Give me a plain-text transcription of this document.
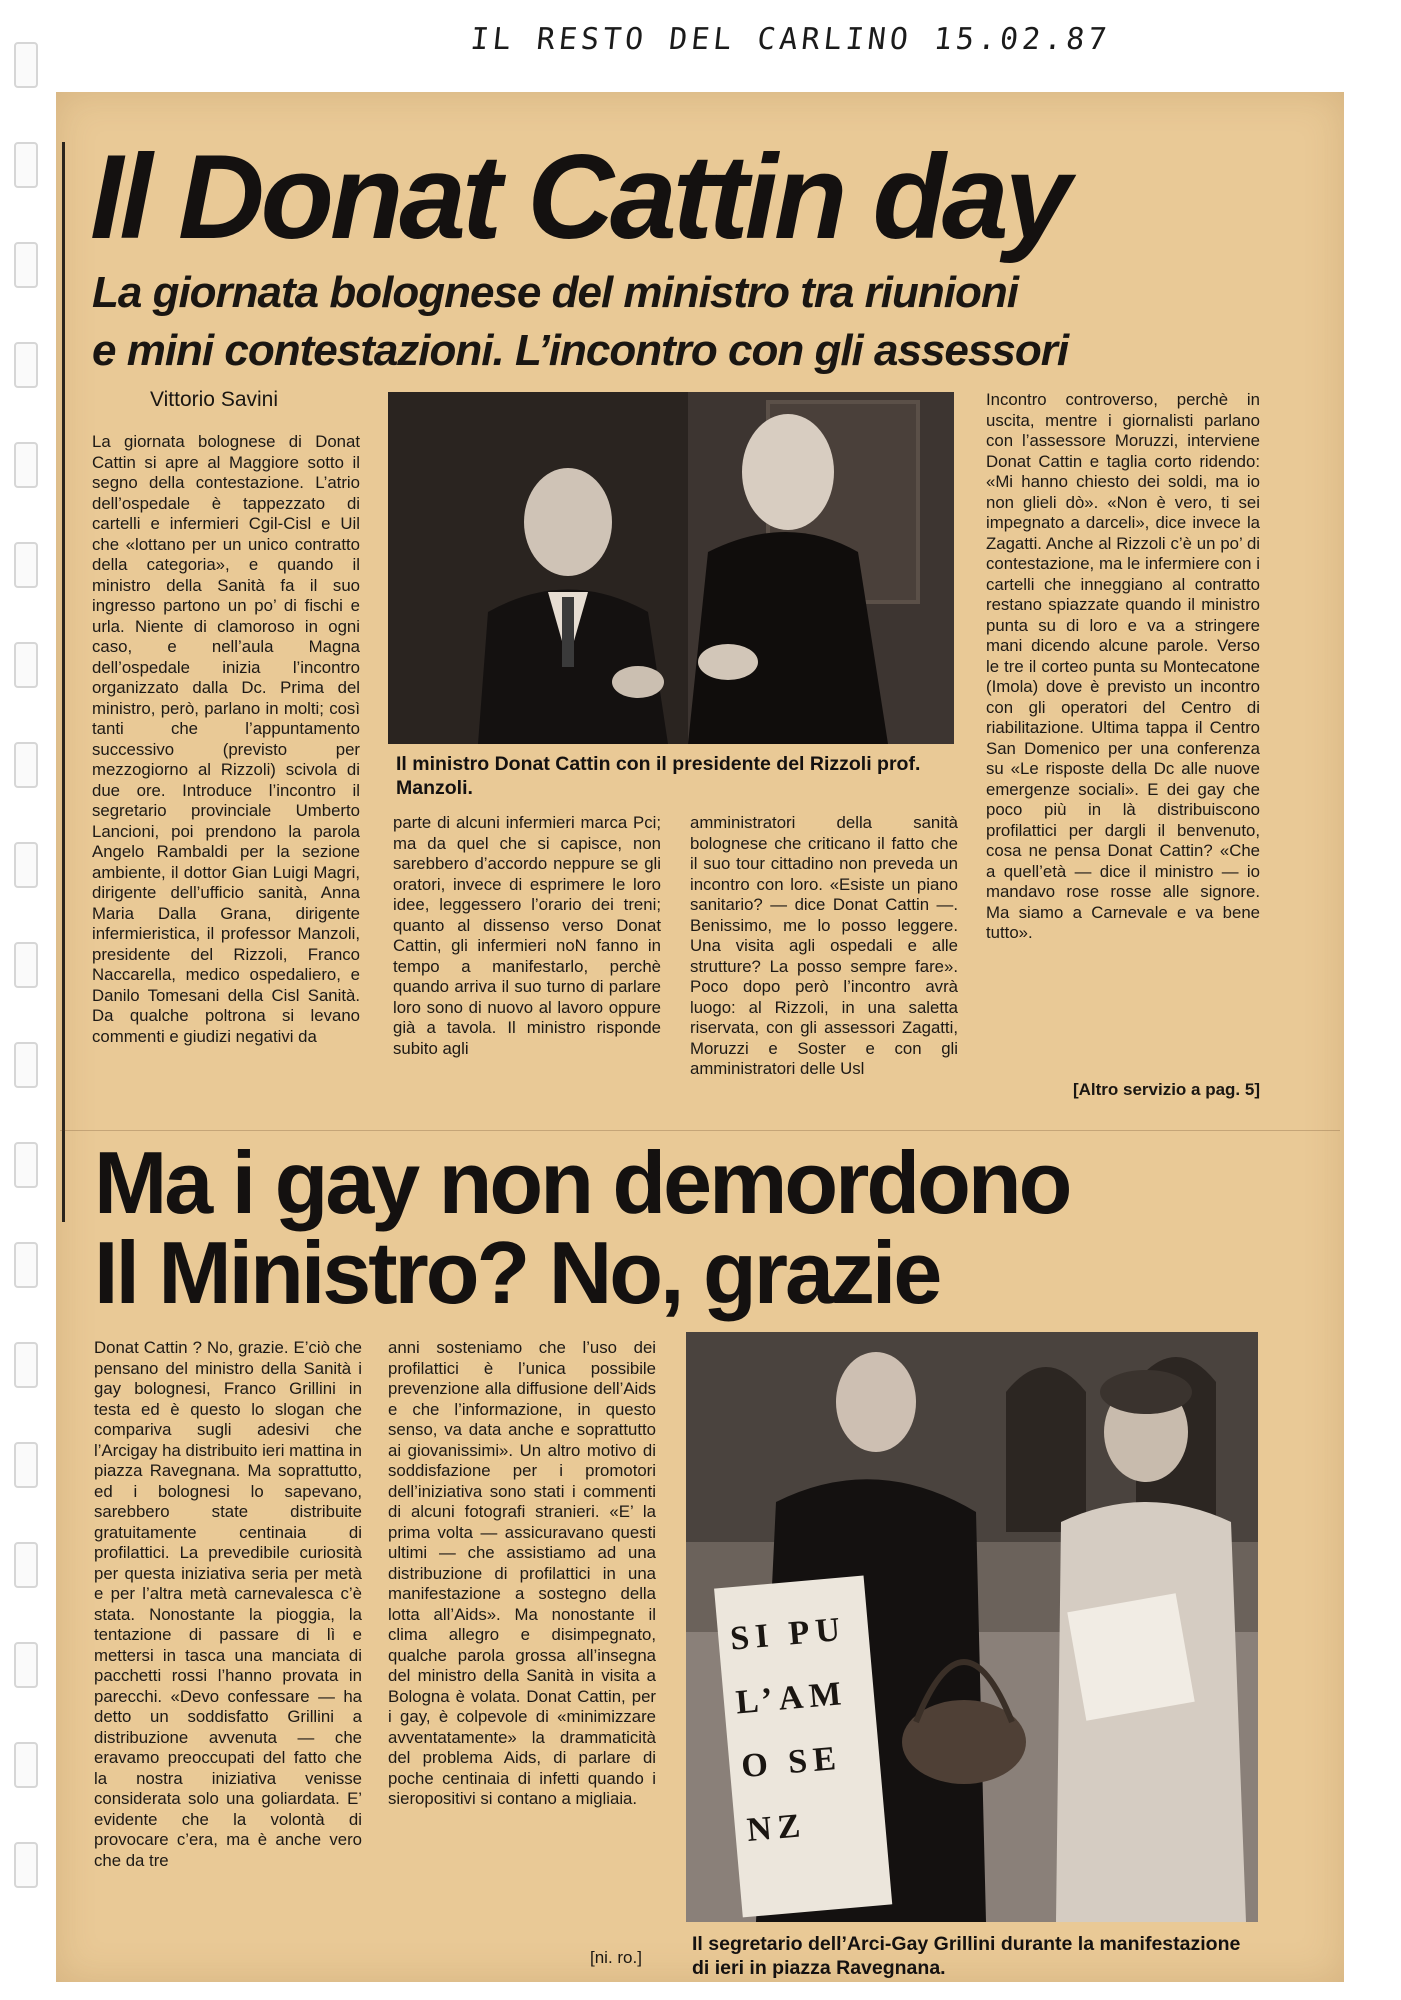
IL RESTO DEL CARLINO 15.02.87
Il Donat Cattin day
La giornata bolognese del ministro tra riunioni
e mini contestazioni. L’incontro con gli assessori
Vittorio Savini

La giornata bolognese di Donat Cattin si apre al Maggiore sotto il segno della contestazione. L’atrio dell’ospedale è tappezzato di cartelli e infermieri Cgil-Cisl e Uil che «lottano per un unico contratto della categoria», e quando il ministro della Sanità fa il suo ingresso partono un po’ di fischi e urla. Niente di clamoroso in ogni caso, e nell’aula Magna dell’ospedale inizia l’incontro organizzato dalla Dc. Prima del ministro, però, parlano in molti; così tanti che l’appuntamento successivo (previsto per mezzogiorno al Rizzoli) scivola di due ore. Introduce l’incontro il segretario provinciale Umberto Lancioni, poi prendono la parola Angelo Rambaldi per la sezione ambiente, il dottor Gian Luigi Magri, dirigente dell’ufficio sanità, Anna Maria Dalla Grana, dirigente infermieristica, il professor Manzoli, presidente del Rizzoli, Franco Naccarella, medico ospedaliero, e Danilo Tomesani della Cisl Sanità. Da qualche poltrona si levano commenti e giudizi negativi da

Il ministro Donat Cattin con il presidente del Rizzoli prof. Manzoli.

parte di alcuni infermieri marca Pci; ma da quel che si capisce, non sarebbero d’accordo neppure se gli oratori, invece di esprimere le loro idee, leggessero l’orario dei treni; quanto al dissenso verso Donat Cattin, gli infermieri noN fanno in tempo a manifestarlo, perchè quando arriva il suo turno di parlare loro sono di nuovo al lavoro oppure già a tavola. Il ministro risponde subito agli

amministratori della sanità bolognese che criticano il fatto che il suo tour cittadino non preveda un incontro con loro. «Esiste un piano sanitario? — dice Donat Cattin —. Benissimo, me lo posso leggere. Una visita agli ospedali e alle strutture? La posso sempre fare». Poco dopo però l’incontro avrà luogo: al Rizzoli, in una saletta riservata, con gli assessori Zagatti, Moruzzi e Soster e con gli amministratori delle Usl

Incontro controverso, perchè in uscita, mentre i giornalisti parlano con l’assessore Moruzzi, interviene Donat Cattin e taglia corto ridendo: «Mi hanno chiesto dei soldi, ma io non glieli dò». «Non è vero, ti sei impegnato a darceli», dice invece la Zagatti. Anche al Rizzoli c’è un po’ di contestazione, ma le infermiere con i cartelli che inneggiano al contratto restano spiazzate quando il ministro punta su di loro e va a stringere mani dicendo alcune parole. Verso le tre il corteo punta su Montecatone (Imola) dove è previsto un incontro con gli operatori del Centro di riabilitazione. Ultima tappa il Centro San Domenico per una conferenza su «Le risposte della Dc alle nuove emergenze sociali». E dei gay che poco più in là distribuiscono profilattici per dargli il benvenuto, cosa ne pensa Donat Cattin? «Che a quell’età — dice il ministro — io mandavo rose rosse alle signore. Ma siamo a Carnevale e va bene tutto».

[Altro servizio a pag. 5]
Ma i gay non demordono
Il Ministro? No, grazie

Donat Cattin ? No, grazie. E’ciò che pensano del ministro della Sanità i gay bolognesi, Franco Grillini in testa ed è questo lo slogan che compariva sugli adesivi che l’Arcigay ha distribuito ieri mattina in piazza Ravegnana. Ma soprattutto, ed i bolognesi lo sapevano, sarebbero state distribuite gratuitamente centinaia di profilattici. La prevedibile curiosità per questa iniziativa seria per metà e per l’altra metà carnevalesca c’è stata. Nonostante la pioggia, la tentazione di passare di lì e mettersi in tasca una manciata di pacchetti rossi l’hanno provata in parecchi. «Devo confessare — ha detto un soddisfatto Grillini a distribuzione avvenuta — che eravamo preoccupati del fatto che la nostra iniziativa venisse considerata solo una goliardata. E’ evidente che la volontà di provocare c’era, ma è anche vero che da tre

anni sosteniamo che l’uso dei profilattici è l’unica possibile prevenzione alla diffusione dell’Aids e che l’informazione, in questo senso, va data anche e soprattutto ai giovanissimi». Un altro motivo di soddisfazione per i promotori dell’iniziativa sono stati i commenti di alcuni fotografi stranieri. «E’ la prima volta — assicuravano questi ultimi — che assistiamo ad una distribuzione di profilattici in una manifestazione a sostegno della lotta all’Aids». Ma nonostante il clima allegro e disimpegnato, qualche parola grossa all’insegna del ministro della Sanità in visita a Bologna è volata. Donat Cattin, per i gay, è colpevole di «minimizzare avventatamente» la drammaticità del problema Aids, di parlare di poche centinaia di infetti quando i sieropositivi si contano a migliaia.

[ni. ro.]
SI PU L’AMO SENZ
Il segretario dell’Arci-Gay Grillini durante la manifestazione di ieri in piazza Ravegnana.
